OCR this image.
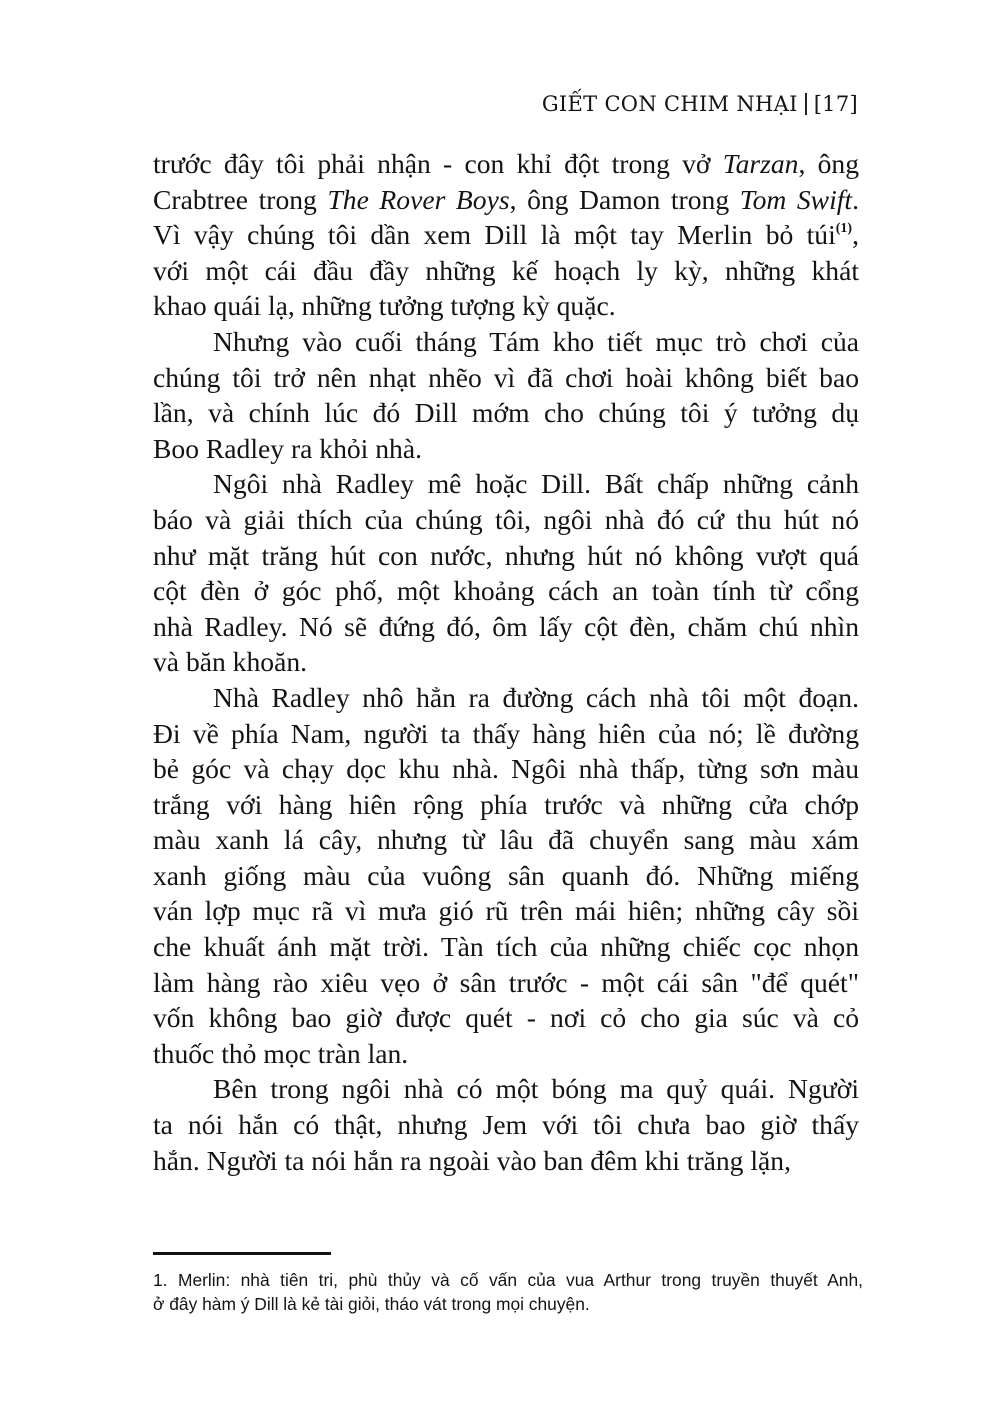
GIẾT CON CHIM NHẠI [17]
trước đây tôi phải nhận - con khỉ đột trong vở Tarzan, ông
Crabtree trong The Rover Boys, ông Damon trong Tom Swift.
Vì vậy chúng tôi dần xem Dill là một tay Merlin bỏ túi$^{(1)}$,
với một cái đầu đầy những kế hoạch ly kỳ, những khát
khao quái lạ, những tưởng tượng kỳ quặc.
Nhưng vào cuối tháng Tám kho tiết mục trò chơi của
chúng tôi trở nên nhạt nhẽo vì đã chơi hoài không biết bao
lần, và chính lúc đó Dill mớm cho chúng tôi ý tưởng dụ
Boo Radley ra khỏi nhà.
Ngôi nhà Radley mê hoặc Dill. Bất chấp những cảnh
báo và giải thích của chúng tôi, ngôi nhà đó cứ thu hút nó
như mặt trăng hút con nước, nhưng hút nó không vượt quá
cột đèn ở góc phố, một khoảng cách an toàn tính từ cổng
nhà Radley. Nó sẽ đứng đó, ôm lấy cột đèn, chăm chú nhìn
và băn khoăn.
Nhà Radley nhô hẳn ra đường cách nhà tôi một đoạn.
Đi về phía Nam, người ta thấy hàng hiên của nó; lề đường
bẻ góc và chạy dọc khu nhà. Ngôi nhà thấp, từng sơn màu
trắng với hàng hiên rộng phía trước và những cửa chớp
màu xanh lá cây, nhưng từ lâu đã chuyển sang màu xám
xanh giống màu của vuông sân quanh đó. Những miếng
ván lợp mục rã vì mưa gió rũ trên mái hiên; những cây sồi
che khuất ánh mặt trời. Tàn tích của những chiếc cọc nhọn
làm hàng rào xiêu vẹo ở sân trước - một cái sân "để quét"
vốn không bao giờ được quét - nơi cỏ cho gia súc và cỏ
thuốc thỏ mọc tràn lan.
Bên trong ngôi nhà có một bóng ma quỷ quái. Người
ta nói hắn có thật, nhưng Jem với tôi chưa bao giờ thấy
hắn. Người ta nói hắn ra ngoài vào ban đêm khi trăng lặn,
1. Merlin: nhà tiên tri, phù thủy và cố vấn của vua Arthur trong truyền thuyết Anh,
ở đây hàm ý Dill là kẻ tài giỏi, tháo vát trong mọi chuyện.
